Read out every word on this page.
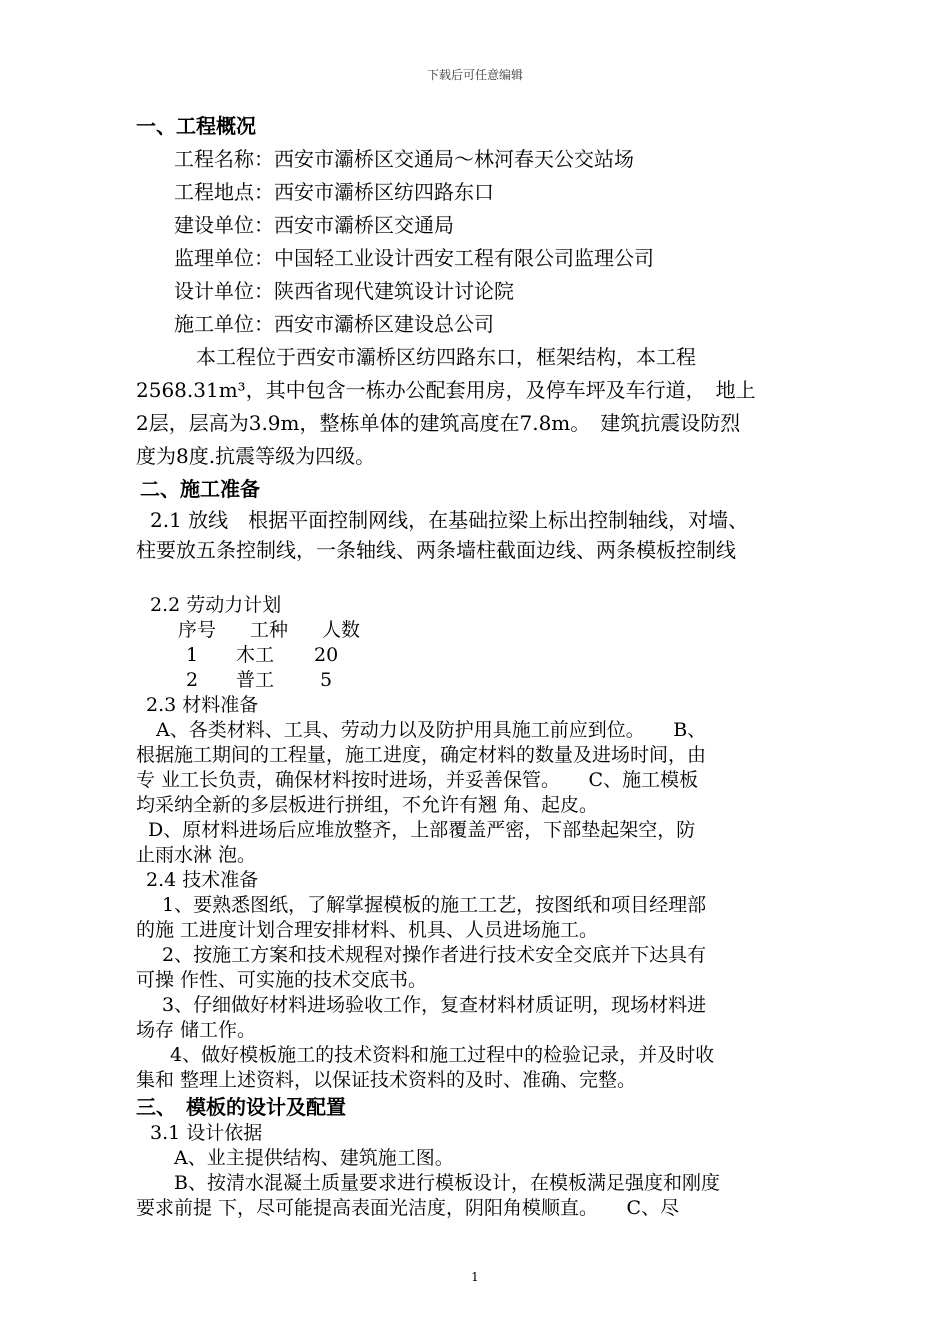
下载后可任意编辑
一、工程概况
工程名称：西安市灞桥区交通局～林河春天公交站场
工程地点：西安市灞桥区纺四路东口
建设单位：西安市灞桥区交通局
监理单位：中国轻工业设计西安工程有限公司监理公司
设计单位：陕西省现代建筑设计讨论院
施工单位：西安市灞桥区建设总公司
　　　本工程位于西安市灞桥区纺四路东口，框架结构，本工程
2568.31m³，其中包含一栋办公配套用房，及停车坪及车行道，　地上
2层，层高为3.9m，整栋单体的建筑高度在7.8m。　建筑抗震设防烈
度为8度.抗震等级为四级。
二、施工准备
2.1 放线　根据平面控制网线，在基础拉梁上标出控制轴线，对墙、
柱要放五条控制线，一条轴线、两条墙柱截面边线、两条模板控制线
2.2 劳动力计划
序号	工种	人数
1	木工	20
2	普工	5
2.3 材料准备
A、各类材料、工具、劳动力以及防护用具施工前应到位。　　B、
根据施工期间的工程量，施工进度，确定材料的数量及进场时间，由
专 业工长负责，确保材料按时进场，并妥善保管。　　C、施工模板
均采纳全新的多层板进行拼组，不允许有翘 角、起皮。
D、原材料进场后应堆放整齐，上部覆盖严密，下部垫起架空，防
止雨水淋 泡。
2.4 技术准备
1、要熟悉图纸，了解掌握模板的施工工艺，按图纸和项目经理部
的施 工进度计划合理安排材料、机具、人员进场施工。
2、按施工方案和技术规程对操作者进行技术安全交底并下达具有
可操 作性、可实施的技术交底书。
3、仔细做好材料进场验收工作，复查材料材质证明，现场材料进
场存 储工作。
4、做好模板施工的技术资料和施工过程中的检验记录，并及时收
集和 整理上述资料，以保证技术资料的及时、准确、完整。
三、　模板的设计及配置
3.1 设计依据
A、业主提供结构、建筑施工图。
B、按清水混凝土质量要求进行模板设计，在模板满足强度和刚度
要求前提 下，尽可能提高表面光洁度，阴阳角模顺直。　　C、尽
1
